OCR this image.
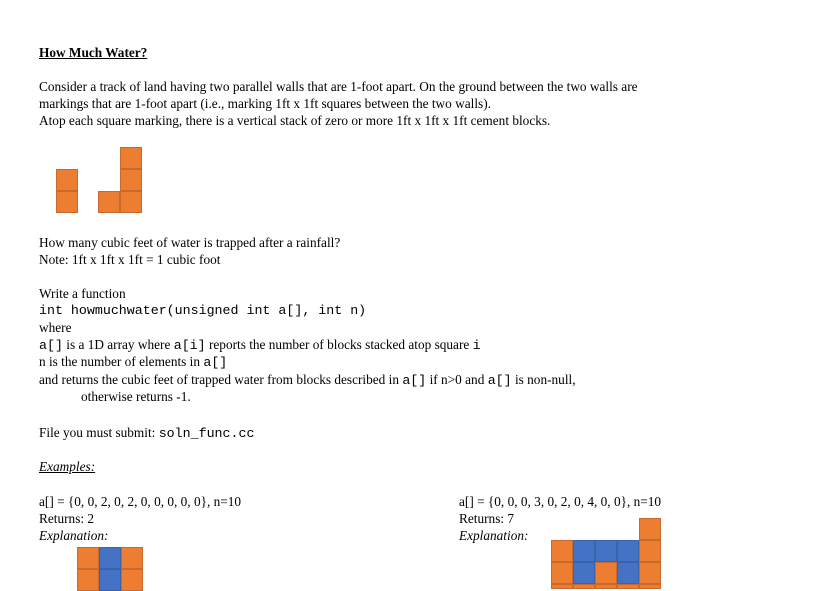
How Much Water?
Consider a track of land having two parallel walls that are 1-foot apart. On the ground between the two walls are
markings that are 1-foot apart (i.e., marking 1ft x 1ft squares between the two walls).
Atop each square marking, there is a vertical stack of zero or more 1ft x 1ft x 1ft cement blocks.
How many cubic feet of water is trapped after a rainfall?
Note: 1ft x 1ft x 1ft = 1 cubic foot
Write a function
int howmuchwater(unsigned int a[], int n)
where
a[] is a 1D array where a[i] reports the number of blocks stacked atop square i
n is the number of elements in a[]
and returns the cubic feet of trapped water from blocks described in a[] if n>0 and a[] is non-null,
otherwise returns -1.
File you must submit: soln_func.cc
Examples:
a[] = {0, 0, 2, 0, 2, 0, 0, 0, 0, 0}, n=10
Returns: 2
Explanation:
a[] = {0, 0, 0, 3, 0, 2, 0, 4, 0, 0}, n=10
Returns: 7
Explanation:
